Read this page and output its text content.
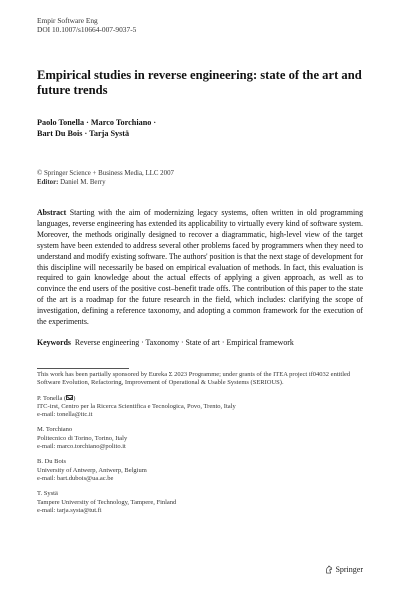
Empir Software Eng
DOI 10.1007/s10664-007-9037-5
Empirical studies in reverse engineering: state of the art and future trends
Paolo Tonella · Marco Torchiano ·
Bart Du Bois · Tarja Systä
© Springer Science + Business Media, LLC 2007
Editor: Daniel M. Berry
Abstract Starting with the aim of modernizing legacy systems, often written in old programming languages, reverse engineering has extended its applicability to virtually every kind of software system. Moreover, the methods originally designed to recover a diagrammatic, high-level view of the target system have been extended to address several other problems faced by programmers when they need to understand and modify existing software. The authors' position is that the next stage of development for this discipline will necessarily be based on empirical evaluation of methods. In fact, this evaluation is required to gain knowledge about the actual effects of applying a given approach, as well as to convince the end users of the positive cost–benefit trade offs. The contribution of this paper to the state of the art is a roadmap for the future research in the field, which includes: clarifying the scope of investigation, defining a reference taxonomy, and adopting a common framework for the execution of the experiments.
Keywords  Reverse engineering · Taxonomy · State of art · Empirical framework
This work has been partially sponsored by Eureka Σ 2023 Programme; under grants of the ITEA project if04032 entitled Software Evolution, Refactoring, Improvement of Operational & Usable Systems (SERIOUS).
P. Tonella ( )
ITC-irst, Centro per la Ricerca Scientifica e Tecnologica, Povo, Trento, Italy
e-mail: tonella@itc.it
M. Torchiano
Politecnico di Torino, Torino, Italy
e-mail: marco.torchiano@polito.it
B. Du Bois
University of Antwerp, Antwerp, Belgium
e-mail: bart.dubois@ua.ac.be
T. Systä
Tampere University of Technology, Tampere, Finland
e-mail: tarja.systa@tut.fi
Springer
